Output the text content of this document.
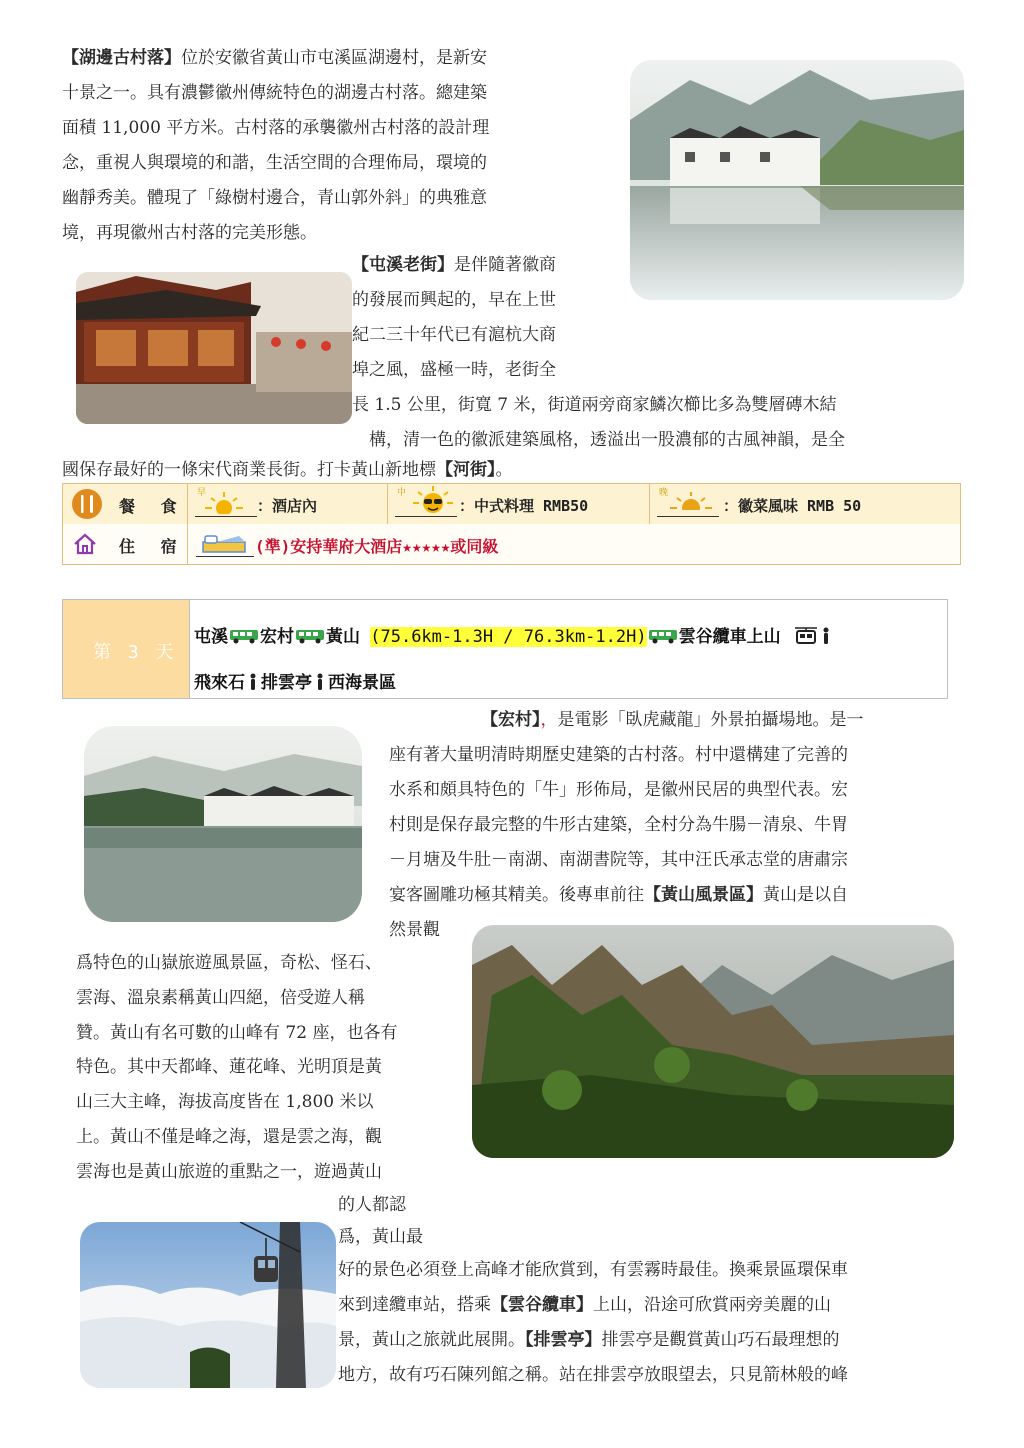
【湖邊古村落】位於安徽省黃山市屯溪區湖邊村，是新安
十景之一。具有濃鬱徽州傳統特色的湖邊古村落。總建築
面積 11,000 平方米。古村落的承襲徽州古村落的設計理
念，重視人與環境的和諧，生活空間的合理佈局，環境的
幽靜秀美。體現了「綠樹村邊合，青山郭外斜」的典雅意
境，再現徽州古村落的完美形態。
【屯溪老街】是伴隨著徽商
的發展而興起的，早在上世
紀二三十年代已有滬杭大商
埠之風，盛極一時，老街全
長 1.5 公里，街寬 7 米，街道兩旁商家鱗次櫛比多為雙層磚木結
構，清一色的徽派建築風格，透溢出一股濃郁的古風神韻，是全
國保存最好的一條宋代商業長街。打卡黃山新地標【河街】。
餐 食
早
：酒店內
中
：中式料理 RMB50
晚
：徽菜風味 RMB 50
住 宿	(準)安持華府大酒店★★★★★或同級
第 3 天
屯溪 宏村 黃山 (75.6km-1.3H / 76.3km-1.2H) 雲谷纜車上山
飛來石 排雲亭 西海景區
【宏村】，是電影「臥虎藏龍」外景拍攝場地。是一
座有著大量明清時期歷史建築的古村落。村中還構建了完善的
水系和頗具特色的「牛」形佈局，是徽州民居的典型代表。宏
村則是保存最完整的牛形古建築，全村分為牛腸－清泉、牛胃
－月塘及牛肚－南湖、南湖書院等，其中汪氏承志堂的唐肅宗
宴客圖雕功極其精美。後專車前往【黃山風景區】黃山是以自
然景觀
爲特色的山嶽旅遊風景區，奇松、怪石、
雲海、溫泉素稱黃山四絕，倍受遊人稱
贊。黃山有名可數的山峰有 72 座，也各有
特色。其中天都峰、蓮花峰、光明頂是黃
山三大主峰，海拔高度皆在 1,800 米以
上。黃山不僅是峰之海，還是雲之海，觀
雲海也是黃山旅遊的重點之一，遊過黃山
的人都認
爲，黃山最
好的景色必須登上高峰才能欣賞到，有雲霧時最佳。換乘景區環保車
來到達纜車站，搭乘【雲谷纜車】上山，沿途可欣賞兩旁美麗的山
景，黃山之旅就此展開。【排雲亭】排雲亭是觀賞黃山巧石最理想的
地方，故有巧石陳列館之稱。站在排雲亭放眼望去，只見箭林般的峰
